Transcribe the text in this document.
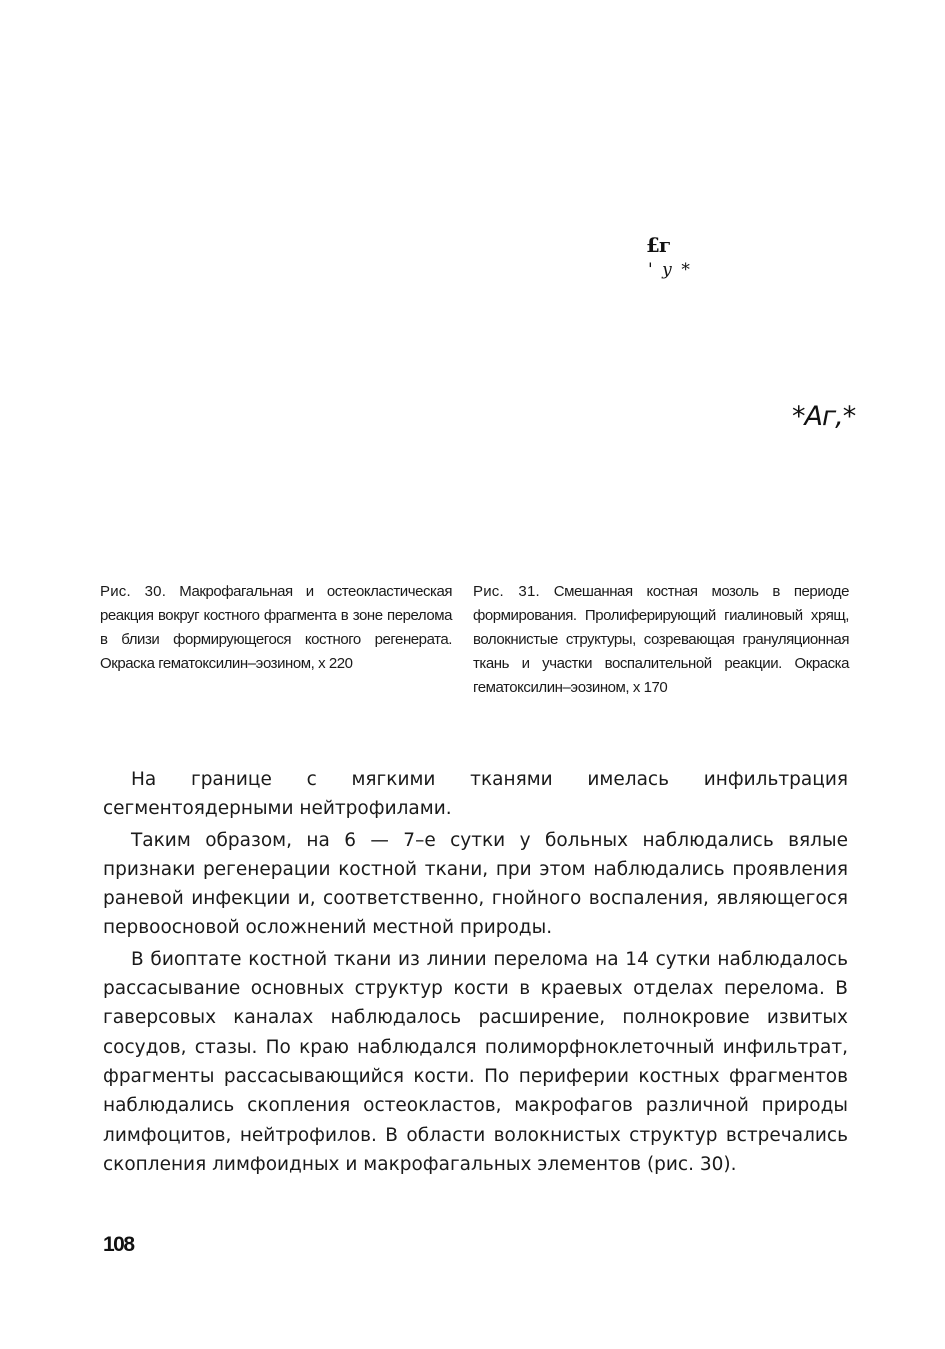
£г
' у *
*Аг,*

Рис. 30. Макрофагальная и остеокластическая реакция вокруг костного фрагмента в зоне перелома в близи формирующегося костного регенерата. Окраска гематоксилин–эозином, х 220

Рис. 31. Смешанная костная мозоль в периоде формирования. Пролиферирующий гиалиновый хрящ, волокнистые структуры, созревающая грануляционная ткань и участки воспалительной реакции. Окраска гематоксилин–эозином, х 170

На границе с мягкими тканями имелась инфильтрация сегментоядерными нейтрофилами.

Таким образом, на 6 — 7–е сутки у больных наблюдались вялые признаки регенерации костной ткани, при этом наблюдались проявления раневой инфекции и, соответственно, гнойного воспаления, являющегося первоосновой осложнений местной природы.

В биоптате костной ткани из линии перелома на 14 сутки наблюдалось рассасывание основных структур кости в краевых отделах перелома. В гаверсовых каналах наблюдалось расширение, полнокровие извитых сосудов, стазы. По краю наблюдался полиморфноклеточный инфильтрат, фрагменты рассасывающийся кости. По периферии костных фрагментов наблюдались скопления остеокластов, макрофагов различной природы лимфоцитов, нейтрофилов. В области волокнистых структур встречались скопления лимфоидных и макрофагальных элементов (рис. 30).

108
